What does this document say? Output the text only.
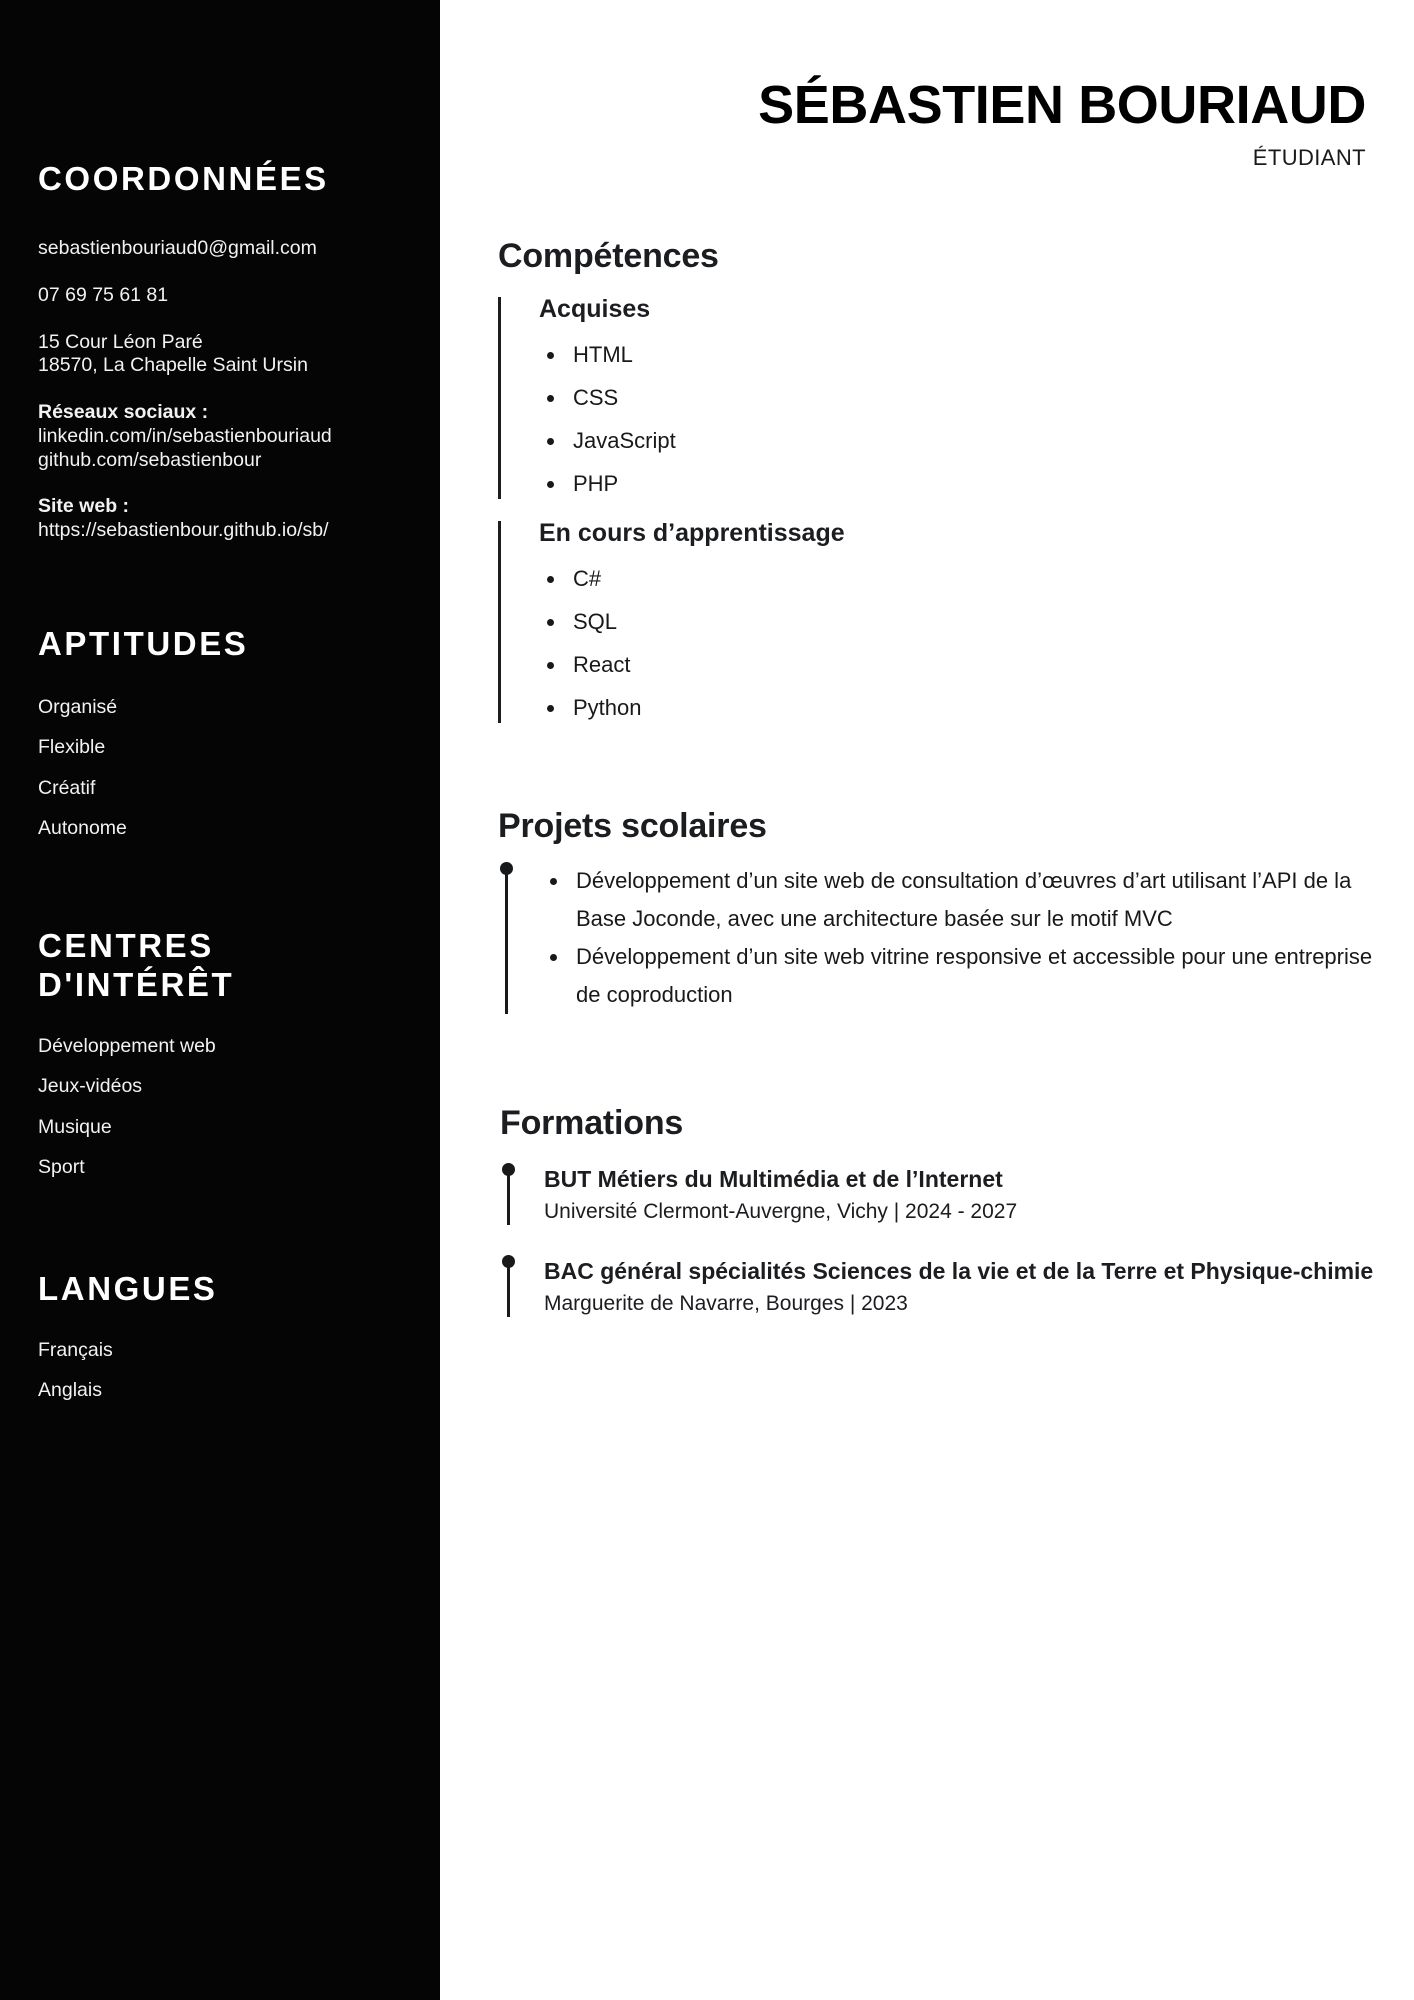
COORDONNÉES
sebastienbouriaud0@gmail.com
07 69 75 61 81
15 Cour Léon Paré
18570, La Chapelle Saint Ursin
Réseaux sociaux :
linkedin.com/in/sebastienbouriaud
github.com/sebastienbour
Site web :
https://sebastienbour.github.io/sb/
APTITUDES
Organisé
Flexible
Créatif
Autonome
CENTRES D'INTÉRÊT
Développement web
Jeux-vidéos
Musique
Sport
LANGUES
Français
Anglais
SÉBASTIEN BOURIAUD
ÉTUDIANT
Compétences
Acquises
HTML
CSS
JavaScript
PHP
En cours d’apprentissage
C#
SQL
React
Python
Projets scolaires
Développement d’un site web de consultation d’œuvres d’art utilisant l’API de la Base Joconde, avec une architecture basée sur le motif MVC
Développement d’un site web vitrine responsive et accessible pour une entreprise de coproduction
Formations
BUT Métiers du Multimédia et de l’Internet
Université Clermont-Auvergne, Vichy | 2024 - 2027
BAC général spécialités Sciences de la vie et de la Terre et Physique-chimie
Marguerite de Navarre, Bourges | 2023
